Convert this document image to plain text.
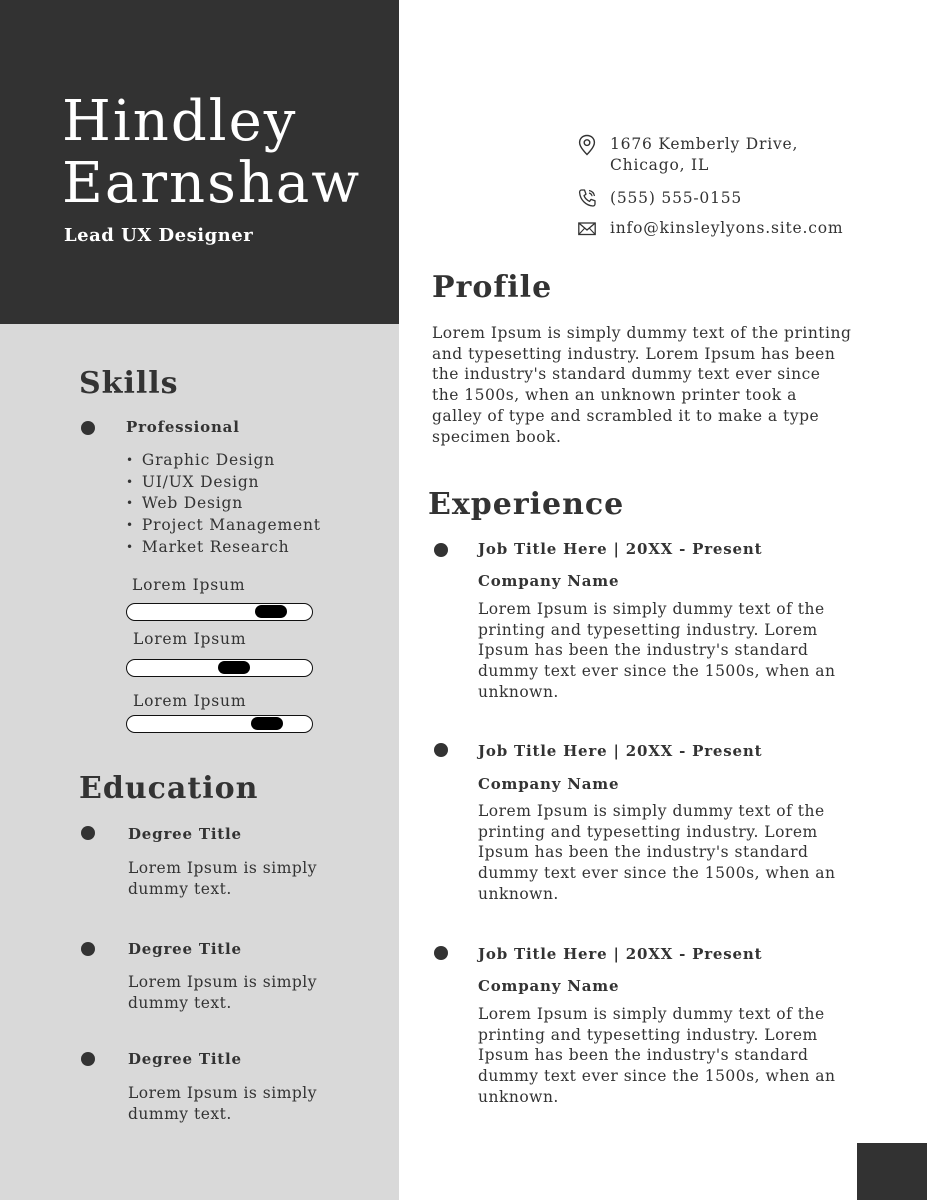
Hindley
Earnshaw
Lead UX Designer
1676 Kemberly Drive,
Chicago, IL
(555) 555-0155
info@kinsleylyons.site.com
Profile
Lorem Ipsum is simply dummy text of the printing and typesetting industry. Lorem Ipsum has been the industry's standard dummy text ever since the 1500s, when an unknown printer took a galley of type and scrambled it to make a type specimen book.
Experience
Job Title Here | 20XX - Present
Company Name
Lorem Ipsum is simply dummy text of the printing and typesetting industry. Lorem Ipsum has been the industry's standard dummy text ever since the 1500s, when an unknown.
Job Title Here | 20XX - Present
Company Name
Lorem Ipsum is simply dummy text of the printing and typesetting industry. Lorem Ipsum has been the industry's standard dummy text ever since the 1500s, when an unknown.
Job Title Here | 20XX - Present
Company Name
Lorem Ipsum is simply dummy text of the printing and typesetting industry. Lorem Ipsum has been the industry's standard dummy text ever since the 1500s, when an unknown.
Skills
Professional
• Graphic Design
• UI/UX Design
• Web Design
• Project Management
• Market Research
Lorem Ipsum
Lorem Ipsum
Lorem Ipsum
Education
Degree Title
Lorem Ipsum is simply dummy text.
Degree Title
Lorem Ipsum is simply dummy text.
Degree Title
Lorem Ipsum is simply dummy text.
